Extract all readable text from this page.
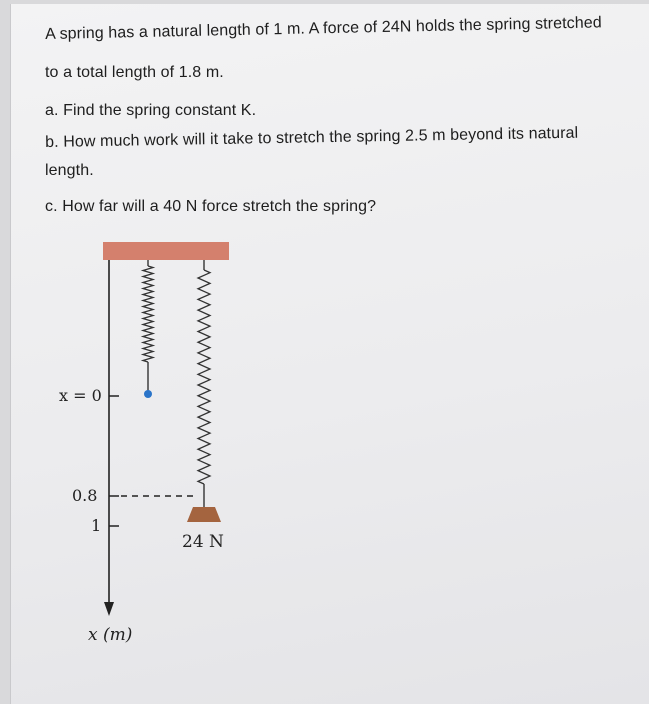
A spring has a natural length of 1 m. A force of 24N holds the spring stretched
to a total length of 1.8 m.
a. Find the spring constant K.
b. How much work will it take to stretch the spring 2.5 m beyond its natural
length.
c. How far will a 40 N force stretch the spring?
x = 0
0.8
1
24 N
x (m)
